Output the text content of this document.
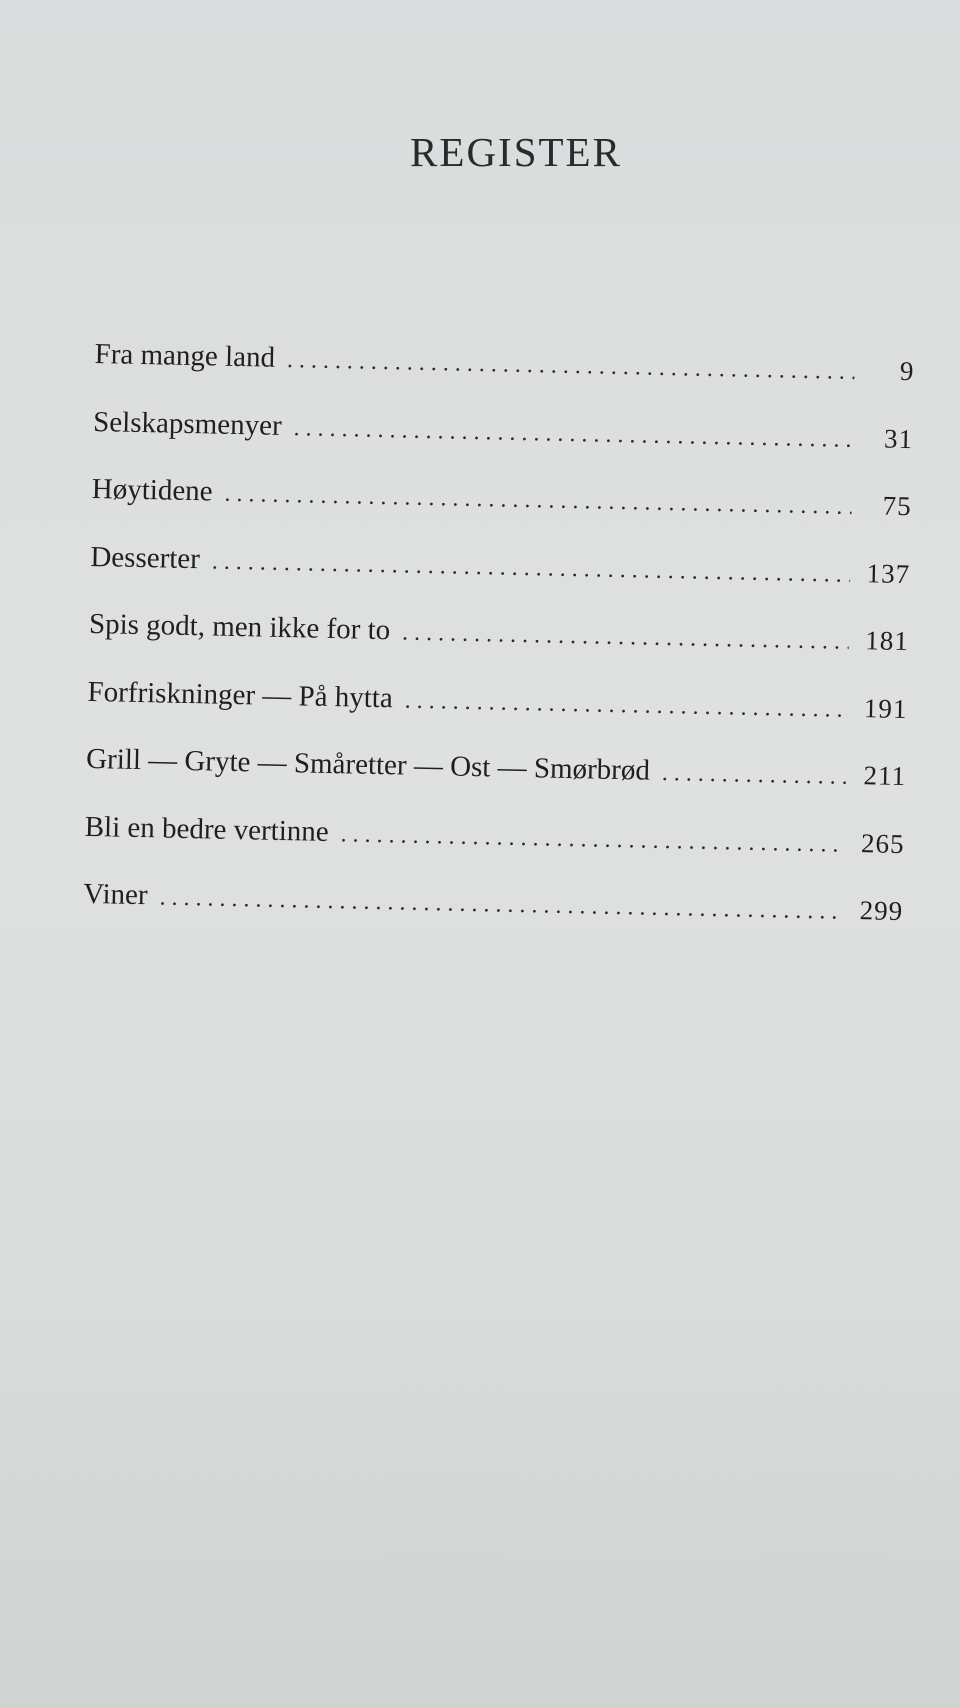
REGISTER
Fra mange land . . .	9
Selskapsmenyer . . .	31
Høytidene . . .	75
Desserter . . .	137
Spis godt, men ikke for to . . .	181
Forfriskninger — På hytta . . .	191
Grill — Gryte — Småretter — Ost — Smørbrød . . .	211
Bli en bedre vertinne . . .	265
Viner . . .	299
